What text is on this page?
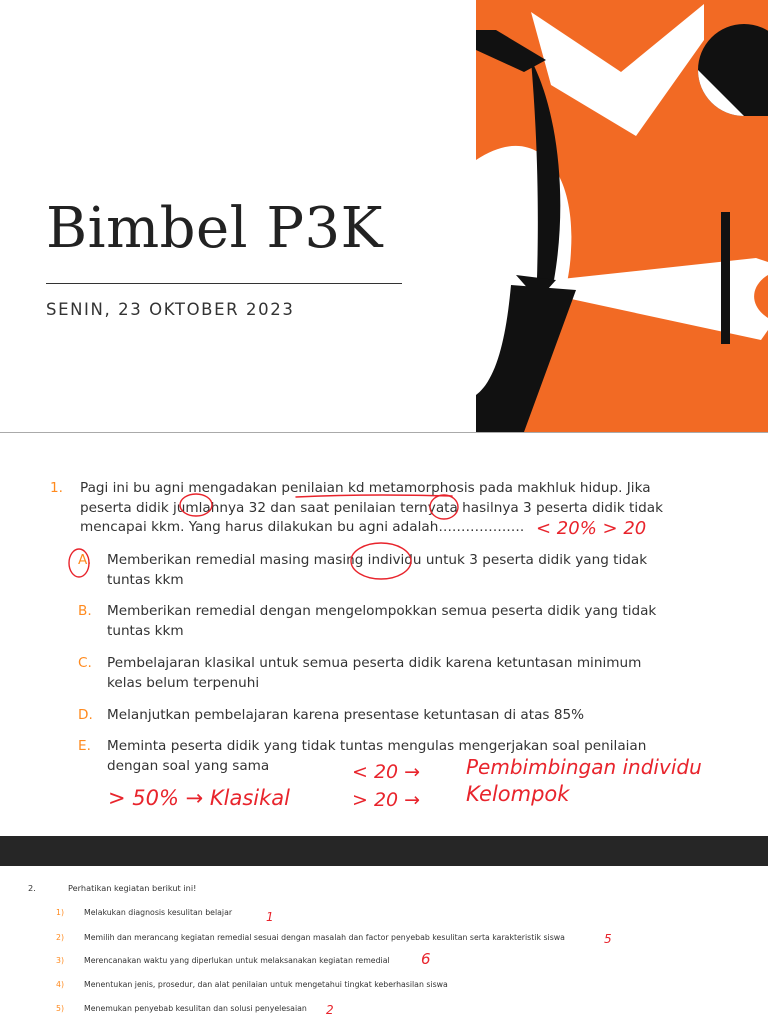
Bimbel P3K
SENIN, 23 OKTOBER 2023
1. Pagi ini bu agni mengadakan penilaian kd metamorphosis pada makhluk hidup. Jika peserta didik jumlahnya 32 dan saat penilaian ternyata hasilnya 3 peserta didik tidak mencapai kkm. Yang harus dilakukan bu agni adalah……………….
A. Memberikan remedial masing masing individu untuk 3 peserta didik yang tidak tuntas kkm
B. Memberikan remedial dengan mengelompokkan semua peserta didik yang tidak tuntas kkm
C. Pembelajaran klasikal untuk semua peserta didik karena ketuntasan minimum kelas belum terpenuhi
D. Melanjutkan pembelajaran karena presentase ketuntasan di atas 85%
E. Meminta peserta didik yang tidak tuntas mengulas mengerjakan soal penilaian dengan soal yang sama
< 20% > 20
> 50% → Klasikal
< 20 →
> 20 →
Pembimbingan individu
Kelompok
2.	Perhatikan kegiatan berikut ini!
1)	Melakukan diagnosis kesulitan belajar
2)	Memilih dan merancang kegiatan remedial sesuai dengan masalah dan factor penyebab kesulitan serta karakteristik siswa
3)	Merencanakan waktu yang diperlukan untuk melaksanakan kegiatan remedial
4)	Menentukan jenis, prosedur, dan alat penilaian untuk mengetahui tingkat keberhasilan siswa
5)	Menemukan penyebab kesulitan dan solusi penyelesaian
1
5
6
2
